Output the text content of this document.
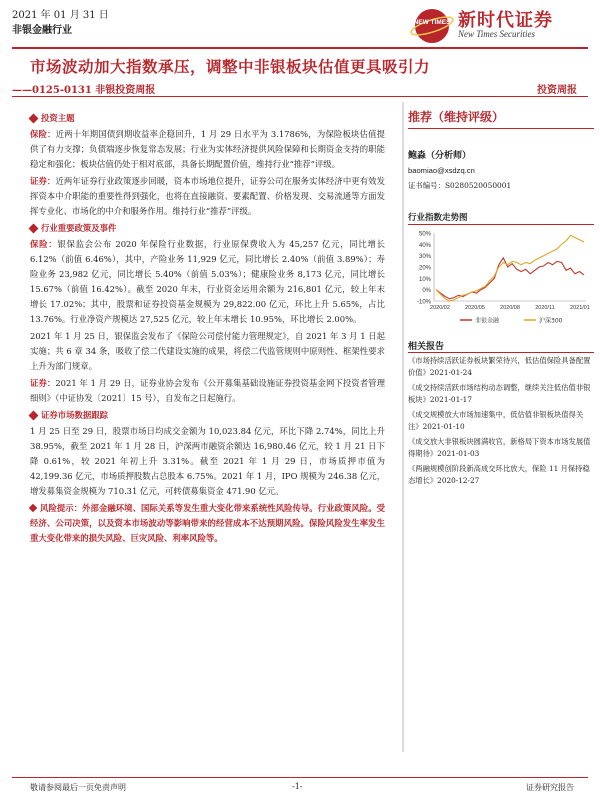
2021 年 01 月 31 日
非银金融行业
NEW TIMES 新时代证券
New Times Securities
市场波动加大指数承压，调整中非银板块估值更具吸引力
——0125-0131 非银投资周报	投资周报
投资主题

保险：近两十年期国债到期收益率企稳回升，1 月 29 日水平为 3.1786%，为保险板块估值提供了有力支撑；负债端逐步恢复常态发展；行业为实体经济提供风险保障和长期资金支持的职能稳定和强化；板块估值仍处于相对底部，具备长期配置价值，维持行业“推荐”评级。

证券：近两年证券行业政策逐步回暖，资本市场地位提升，证券公司在服务实体经济中更有效发挥资本中介职能的重要性得到强化，也将在直接融资、要素配置、价格发现、交易流通等方面发挥专业化、市场化的中介和服务作用。维持行业“推荐”评级。

行业重要政策及事件

保险：银保监会公布 2020 年保险行业数据，行业原保费收入为 45,257 亿元，同比增长 6.12%（前值 6.46%），其中，产险业务 11,929 亿元，同比增长 2.40%（前值 3.89%）；寿险业务 23,982 亿元，同比增长 5.40%（前值 5.03%）；健康险业务 8,173 亿元，同比增长 15.67%（前值 16.42%）。截至 2020 年末，行业资金运用余额为 216,801 亿元，较上年末增长 17.02%；其中，股票和证券投资基金规模为 29,822.00 亿元，环比上升 5.65%，占比 13.76%。行业净资产规模达 27,525 亿元，较上年末增长 10.95%，环比增长 2.00%。

2021 年 1 月 25 日，银保监会发布了《保险公司偿付能力管理规定》，自 2021 年 3 月 1 日起实施；共 6 章 34 条，吸收了偿二代建设实施的成果，将偿二代监管规则中原则性、框架性要求上升为部门规章。

证券：2021 年 1 月 29 日，证券业协会发布《公开募集基础设施证券投资基金网下投资者管理细则》（中证协发〔2021〕15 号），自发布之日起施行。

证券市场数据跟踪

1 月 25 日至 29 日，股票市场日均成交金额为 10,023.84 亿元，环比下降 2.74%，同比上升 38.95%，截至 2021 年 1 月 28 日，沪深两市融资余额达 16,980.46 亿元，较 1 月 21 日下降 0.61%，较 2021 年初上升 3.31%。截至 2021 年 1 月 29 日，市场质押市值为 42,199.36 亿元，市场质押股数占总股本 6.75%。2021 年 1 月，IPO 规模为 246.38 亿元，增发募集资金规模为 710.31 亿元，可转债募集资金 471.90 亿元。

风险提示：外部金融环境、国际关系等发生重大变化带来系统性风险传导。行业政策风险。受经济、公司决策，以及资本市场波动等影响带来的经营成本不达预期风险。保险风险发生率发生重大变化带来的损失风险、巨灾风险、利率风险等。

推荐（维持评级）
鲍淼（分析师）
baomiao@xsdzq.cn
证书编号：S0280520050001
行业指数走势图
-10%
0%
10%
20%
30%
40%
50%
2020/02	2020/05	2020/08	2020/11	2021/01
非银金融	沪深300
相关报告
《市场持续活跃证券板块繁荣待兴，低估值保险具备配置价值》2021-01-24
《成交持续活跃市场结构动态调整，继续关注低估值非银板块》2021-01-17
《成交规模放大市场加速集中，低估值非银板块值得关注》2021-01-10
《成交放大非银板块圆满收官，新格局下资本市场发展值得期待》2021-01-03
《两融规模创阶段新高成交环比放大，保险 11 月保持稳态增长》2020-12-27
敬请参阅最后一页免责声明	-1-	证券研究报告
